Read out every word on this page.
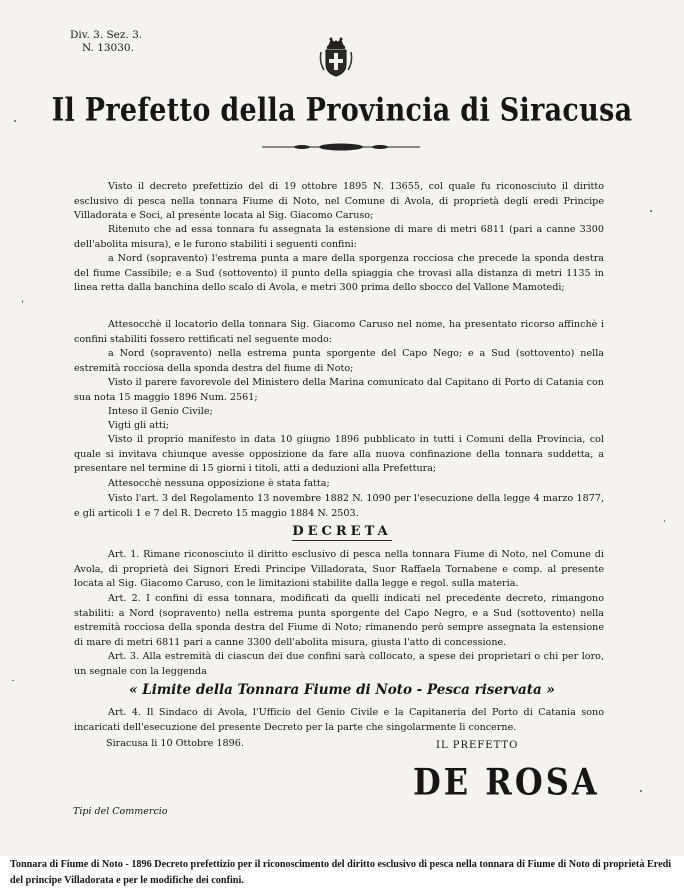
Div. 3. Sez. 3.
N. 13030.
Il Prefetto della Provincia di Siracusa

Visto il decreto prefettizio del di 19 ottobre 1895 N. 13655, col quale fu riconosciuto il diritto esclusivo di pesca nella tonnara Fiume di Noto, nel Comune di Avola, di proprietà degli eredi Principe Villadorata e Soci, al presente locata al Sig. Giacomo Caruso;

Ritenuto che ad essa tonnara fu assegnata la estensione di mare di metri 6811 (pari a canne 3300 dell'abolita misura), e le furono stabiliti i seguenti confini:

a Nord (sopravento) l'estrema punta a mare della sporgenza rocciosa che precede la sponda destra del fiume Cassibile; e a Sud (sottovento) il punto della spiaggia che trovasi alla distanza di metri 1135 in linea retta dalla banchina dello scalo di Avola, e metri 300 prima dello sbocco del Vallone Mamotedi;

Attesocchè il locatorio della tonnara Sig. Giacomo Caruso nel nome, ha presentato ricorso affinchè i confini stabiliti fossero rettificati nel seguente modo:

a Nord (sopravento) nella estrema punta sporgente del Capo Nego; e a Sud (sottovento) nella estremità rocciosa della sponda destra del fiume di Noto;

Visto il parere favorevole del Ministero della Marina comunicato dal Capitano di Porto di Catania con sua nota 15 maggio 1896 Num. 2561;

Inteso il Genio Civile;

Vigti gli atti;

Visto il proprio manifesto in data 10 giugno 1896 pubblicato in tutti i Comuni della Provincia, col quale si invitava chiunque avesse opposizione da fare alla nuova confinazione della tonnara suddetta, a presentare nel termine di 15 giorni i titoli, atti a deduzioni alla Prefettura;

Attesocchè nessuna opposizione è stata fatta;

Visto l'art. 3 del Regolamento 13 novembre 1882 N. 1090 per l'esecuzione della legge 4 marzo 1877, e gli articoli 1 e 7 del R. Decreto 15 maggio 1884 N. 2503.

DECRETA

Art. 1. Rimane riconosciuto il diritto esclusivo di pesca nella tonnara Fiume di Noto, nel Comune di Avola, di proprietà dei Signori Eredi Principe Villadorata, Suor Raffaela Tornabene e comp. al presente locata al Sig. Giacomo Caruso, con le limitazioni stabilite dalla legge e regol. sulla materia.

Art. 2. I confini di essa tonnara, modificati da quelli indicati nel precedente decreto, rimangono stabiliti: a Nord (sopravento) nella estrema punta sporgente del Capo Negro, e a Sud (sottovento) nella estremità rocciosa della sponda destra del Fiume di Noto; rimanendo però sempre assegnata la estensione di mare di metri 6811 pari a canne 3300 dell'abolita misura, giusta l'atto di concessione.

Art. 3. Alla estremità di ciascun dei due confini sarà collocato, a spese dei proprietari o chi per loro, un segnale con la leggenda

« Limite della Tonnara Fiume di Noto - Pesca riservata »

Art. 4. Il Sindaco di Avola, l'Ufficio del Genio Civile e la Capitaneria del Porto di Catania sono incaricati dell'esecuzione del presente Decreto per la parte che singolarmente li concerne.

Siracusa li 10 Ottobre 1896.	IL PREFETTO
DE ROSA
Tipi del Commercio

Tonnara di Fiume di Noto - 1896 Decreto prefettizio per il riconoscimento del diritto esclusivo di pesca nella tonnara di Fiume di Noto di proprietà Eredi del principe Villadorata e per le modifiche dei confini.
